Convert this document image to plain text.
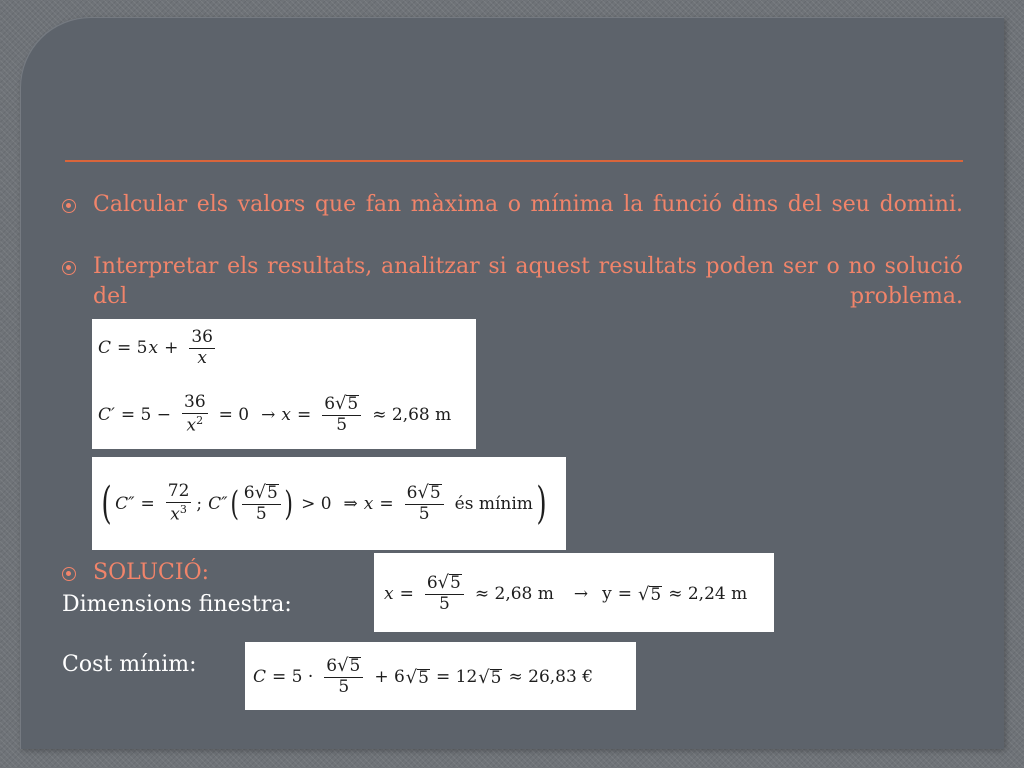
Calcular els valors que fan màxima o mínima la funció dins del seu domini.
Interpretar els resultats, analitzar si aquest resultats poden ser o no solució del problema.
C = 5 $x + \frac{36}{x}$
$C' = 5 - \frac{36}{x^2} = 0 \to x = \frac{6 √ 5}{5} \approx 2,68$ m
( $C'' = \frac{72}{x^3}$ ; C″ ( $\frac{6 √ 5}{5}$ ) > 0 ⇒ $x = \frac{6 √ 5}{5}$ és mínim )
SOLUCIÓ:
Dimensions finestra:	$x = \frac{6 √ 5}{5} \approx 2,68$ m → y = √ 5 ≈ 2,24 m
Cost mínim:	$C = 5 \cdot \frac{6 √ 5}{5} + 6$ √ 5 = 12 √ 5 ≈ 26,83 €
